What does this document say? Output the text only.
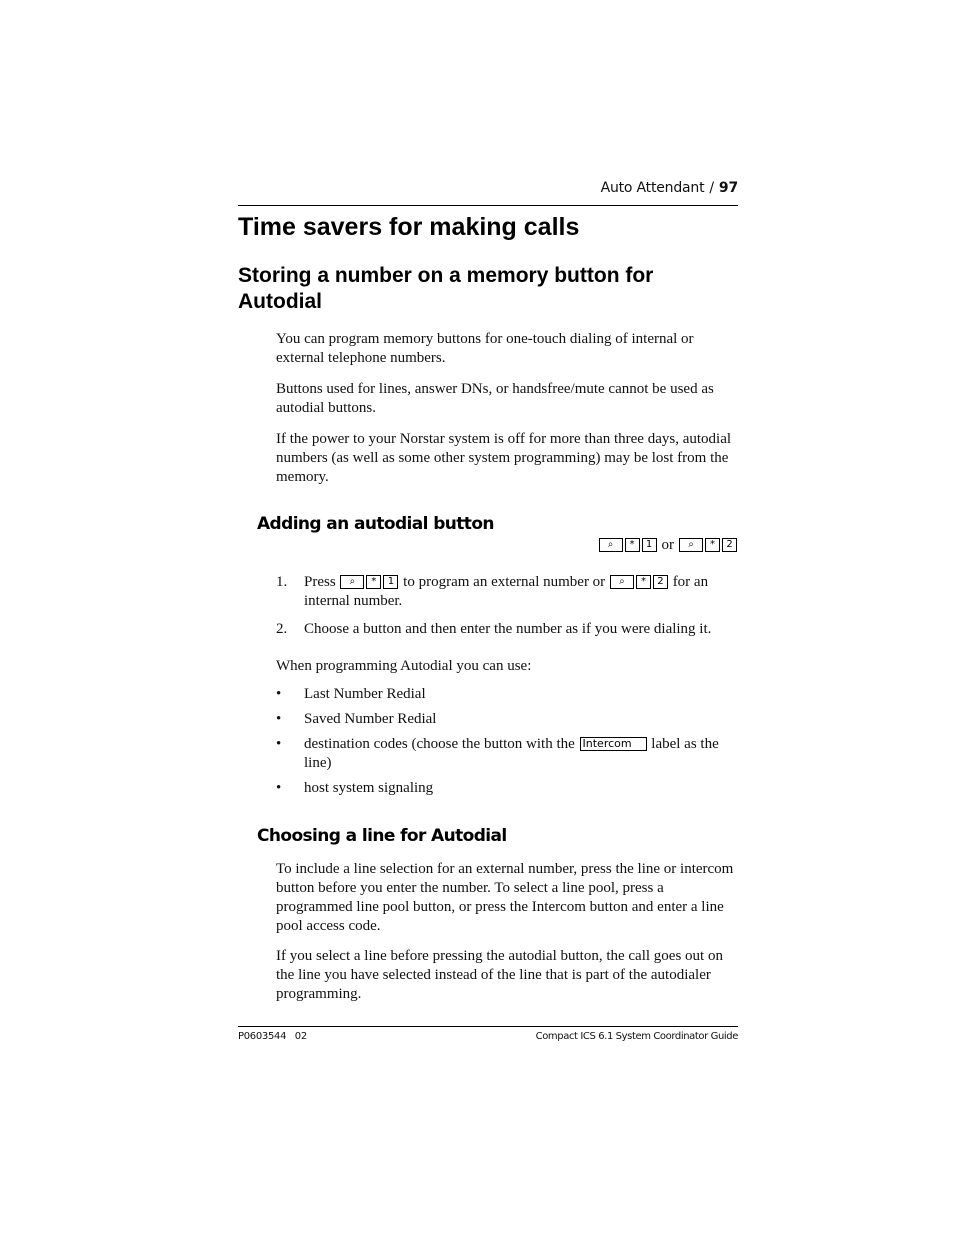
Auto Attendant / 97
Time savers for making calls
Storing a number on a memory button for Autodial

You can program memory buttons for one-touch dialing of internal or external telephone numbers.

Buttons used for lines, answer DNs, or handsfree/mute cannot be used as autodial buttons.

If the power to your Norstar system is off for more than three days, autodial numbers (as well as some other system programming) may be lost from the memory.

Adding an autodial button
⌕ * 1 or ⌕ * 2
1. Press ⌕ * 1 to program an external number or ⌕ * 2 for an internal number.
2. Choose a button and then enter the number as if you were dialing it.

When programming Autodial you can use:

• Last Number Redial
• Saved Number Redial
• destination codes (choose the button with the Intercom label as the line)
• host system signaling
Choosing a line for Autodial

To include a line selection for an external number, press the line or intercom button before you enter the number. To select a line pool, press a programmed line pool button, or press the Intercom button and enter a line pool access code.

If you select a line before pressing the autodial button, the call goes out on the line you have selected instead of the line that is part of the autodialer programming.

P0603544   02	Compact ICS 6.1 System Coordinator Guide
